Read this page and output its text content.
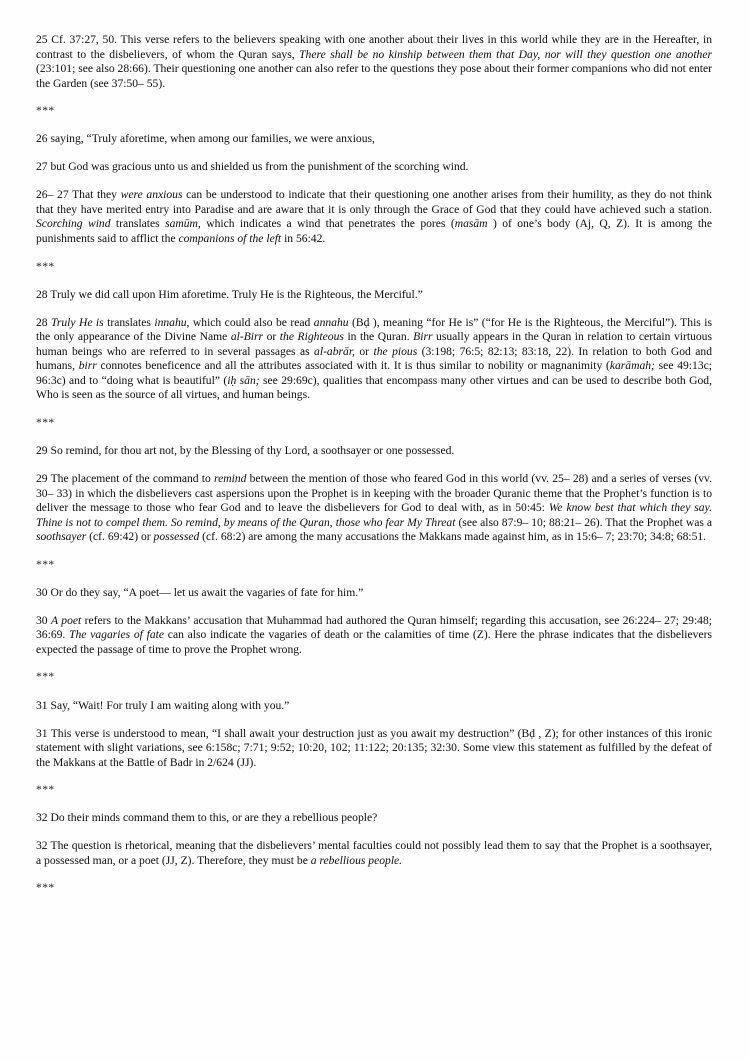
25 Cf. 37:27, 50. This verse refers to the believers speaking with one another about their lives in this world while they are in the Hereafter, in contrast to the disbelievers, of whom the Quran says, There shall be no kinship between them that Day, nor will they question one another (23:101; see also 28:66). Their questioning one another can also refer to the questions they pose about their former companions who did not enter the Garden (see 37:50– 55).

***

26 saying, “Truly aforetime, when among our families, we were anxious,

27 but God was gracious unto us and shielded us from the punishment of the scorching wind.

26– 27 That they were anxious can be understood to indicate that their questioning one another arises from their humility, as they do not think that they have merited entry into Paradise and are aware that it is only through the Grace of God that they could have achieved such a station. Scorching wind translates samūm, which indicates a wind that penetrates the pores (masām ) of one’s body (Aj, Q, Z). It is among the punishments said to afflict the companions of the left in 56:42.

***

28 Truly we did call upon Him aforetime. Truly He is the Righteous, the Merciful.”

28 Truly He is translates innahu, which could also be read annahu (Bḍ ), meaning “for He is” (“for He is the Righteous, the Merciful”). This is the only appearance of the Divine Name al-Birr or the Righteous in the Quran. Birr usually appears in the Quran in relation to certain virtuous human beings who are referred to in several passages as al-abrār, or the pious (3:198; 76:5; 82:13; 83:18, 22). In relation to both God and humans, birr connotes beneficence and all the attributes associated with it. It is thus similar to nobility or magnanimity (karāmah; see 49:13c; 96:3c) and to “doing what is beautiful” (iḥ sān; see 29:69c), qualities that encompass many other virtues and can be used to describe both God, Who is seen as the source of all virtues, and human beings.

***

29 So remind, for thou art not, by the Blessing of thy Lord, a soothsayer or one possessed.

29 The placement of the command to remind between the mention of those who feared God in this world (vv. 25– 28) and a series of verses (vv. 30– 33) in which the disbelievers cast aspersions upon the Prophet is in keeping with the broader Quranic theme that the Prophet’s function is to deliver the message to those who fear God and to leave the disbelievers for God to deal with, as in 50:45: We know best that which they say. Thine is not to compel them. So remind, by means of the Quran, those who fear My Threat (see also 87:9– 10; 88:21– 26). That the Prophet was a soothsayer (cf. 69:42) or possessed (cf. 68:2) are among the many accusations the Makkans made against him, as in 15:6– 7; 23:70; 34:8; 68:51.

***

30 Or do they say, “A poet— let us await the vagaries of fate for him.”

30 A poet refers to the Makkans’ accusation that Muhammad had authored the Quran himself; regarding this accusation, see 26:224– 27; 29:48; 36:69. The vagaries of fate can also indicate the vagaries of death or the calamities of time (Z). Here the phrase indicates that the disbelievers expected the passage of time to prove the Prophet wrong.

***

31 Say, “Wait! For truly I am waiting along with you.”

31 This verse is understood to mean, “I shall await your destruction just as you await my destruction” (Bḍ , Z); for other instances of this ironic statement with slight variations, see 6:158c; 7:71; 9:52; 10:20, 102; 11:122; 20:135; 32:30. Some view this statement as fulfilled by the defeat of the Makkans at the Battle of Badr in 2/624 (JJ).

***

32 Do their minds command them to this, or are they a rebellious people?

32 The question is rhetorical, meaning that the disbelievers’ mental faculties could not possibly lead them to say that the Prophet is a soothsayer, a possessed man, or a poet (JJ, Z). Therefore, they must be a rebellious people.

***
